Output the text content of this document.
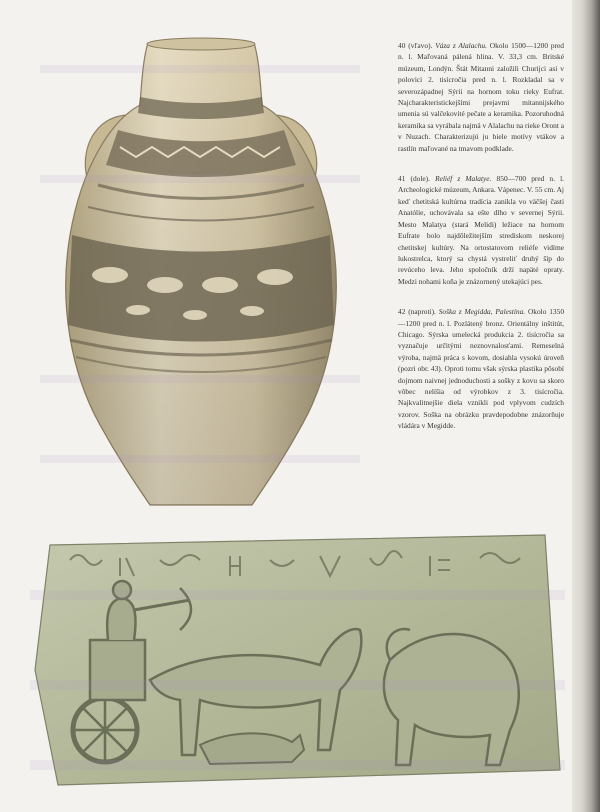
40 (vľavo). Váza z Alalachu. Okolo 1500—1200 pred n. l. Maľovaná pálená hlina. V. 33,3 cm. Britské múzeum, Londýn. Štát Mitanni založili Churijci asi v polovici 2. tisícročia pred n. l. Rozkladal sa v severozápadnej Sýrii na hornom toku rieky Eufrat. Najcharakteristickejšími prejavmi mitannijského umenia sú valčekovité pečate a keramika. Pozoruhodná keramika sa vyrábala najmä v Alalachu na rieke Oront a v Nuzach. Charakterizujú ju biele motívy vtákov a rastlín maľované na tmavom podklade.

41 (dole). Reliéf z Malatye. 850—700 pred n. l. Archeologické múzeum, Ankara. Vápenec. V. 55 cm. Aj keď chetitská kultúrna tradícia zanikla vo väčšej časti Anatólie, uchovávala sa ešte dlho v severnej Sýrii. Mesto Malatya (stará Melidi) ležiace na hornom Eufrate bolo najdôležitejším strediskom neskorej chetitskej kultúry. Na ortostatovom reliéfe vidíme lukostrelca, ktorý sa chystá vystreliť druhý šíp do revúceho leva. Jeho spoločník drží napäté opraty. Medzi nohami koňa je znázornený utekajúci pes.

42 (naproti). Soška z Megidda, Palestína. Okolo 1350—1200 pred n. l. Pozlátený bronz. Orientálny inštitút, Chicago. Sýrska umelecká produkcia 2. tisícročia sa vyznačuje určitými neznovnalosťami. Remeselná výroba, najmä práca s kovom, dosiahla vysokú úroveň (pozri obr. 43). Oproti tomu však sýrska plastika pôsobí dojmom naivnej jednoduchosti a sošky z kovu sa skoro vôbec nelíšia od výrobkov z 3. tisícročia. Najkvalitnejšie diela vznikli pod vplyvom cudzích vzorov. Soška na obrázku pravdepodobne znázorňuje vládára v Megidde.
